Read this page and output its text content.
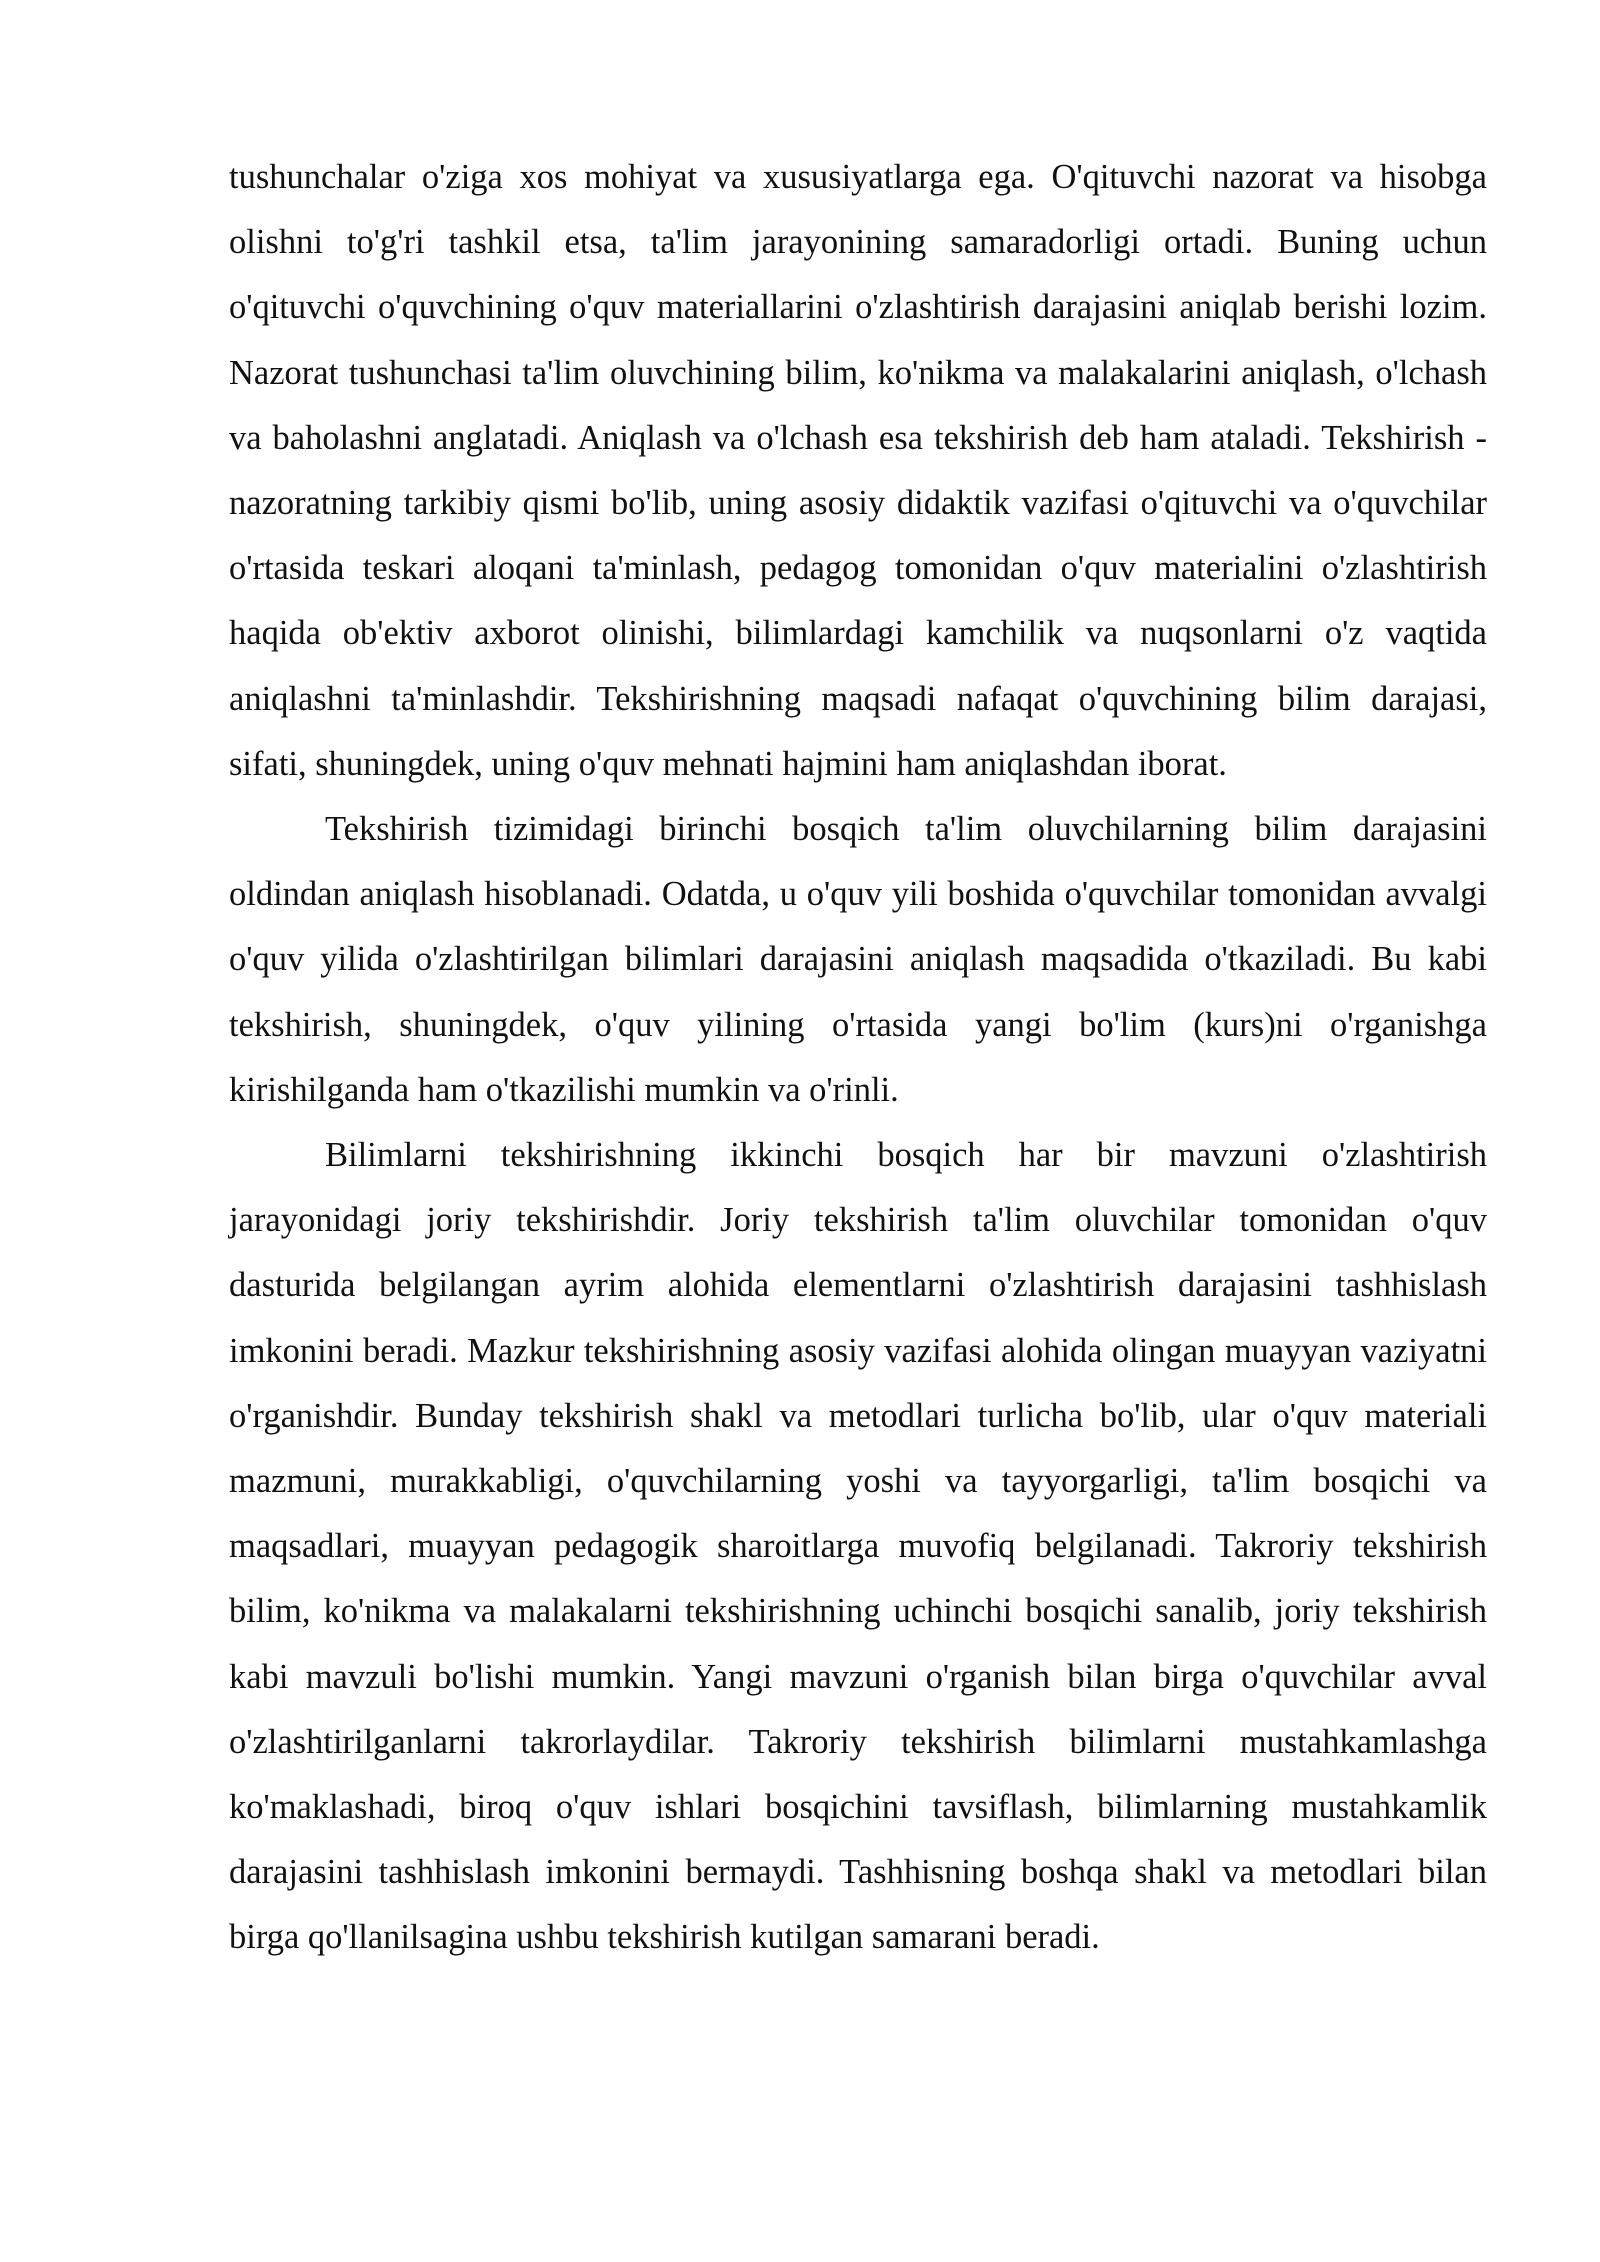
tushunchalar o'ziga xos mohiyat va xususiyatlarga ega. O'qituvchi nazorat va hisobga olishni to'g'ri tashkil etsa, ta'lim jarayonining samaradorligi ortadi. Buning uchun o'qituvchi o'quvchining o'quv materiallarini o'zlashtirish darajasini aniqlab berishi lozim. Nazorat tushunchasi ta'lim oluvchining bilim, ko'nikma va malakalarini aniqlash, o'lchash va baholashni anglatadi. Aniqlash va o'lchash esa tekshirish deb ham ataladi. Tekshirish - nazoratning tarkibiy qismi bo'lib, uning asosiy didaktik vazifasi o'qituvchi va o'quvchilar o'rtasida teskari aloqani ta'minlash, pedagog tomonidan o'quv materialini o'zlashtirish haqida ob'ektiv axborot olinishi, bilimlardagi kamchilik va nuqsonlarni o'z vaqtida aniqlashni ta'minlashdir. Tekshirishning maqsadi nafaqat o'quvchining bilim darajasi, sifati, shuningdek, uning o'quv mehnati hajmini ham aniqlashdan iborat.

Tekshirish tizimidagi birinchi bosqich ta'lim oluvchilarning bilim darajasini oldindan aniqlash hisoblanadi. Odatda, u o'quv yili boshida o'quvchilar tomonidan avvalgi o'quv yilida o'zlashtirilgan bilimlari darajasini aniqlash maqsadida o'tkaziladi. Bu kabi tekshirish, shuningdek, o'quv yilining o'rtasida yangi bo'lim (kurs)ni o'rganishga kirishilganda ham o'tkazilishi mumkin va o'rinli.

Bilimlarni tekshirishning ikkinchi bosqich har bir mavzuni o'zlashtirish jarayonidagi joriy tekshirishdir. Joriy tekshirish ta'lim oluvchilar tomonidan o'quv dasturida belgilangan ayrim alohida elementlarni o'zlashtirish darajasini tashhislash imkonini beradi. Mazkur tekshirishning asosiy vazifasi alohida olingan muayyan vaziyatni o'rganishdir. Bunday tekshirish shakl va metodlari turlicha bo'lib, ular o'quv materiali mazmuni, murakkabligi, o'quvchilarning yoshi va tayyorgarligi, ta'lim bosqichi va maqsadlari, muayyan pedagogik sharoitlarga muvofiq belgilanadi. Takroriy tekshirish bilim, ko'nikma va malakalarni tekshirishning uchinchi bosqichi sanalib, joriy tekshirish kabi mavzuli bo'lishi mumkin. Yangi mavzuni o'rganish bilan birga o'quvchilar avval o'zlashtirilganlarni takrorlaydilar. Takroriy tekshirish bilimlarni mustahkamlashga ko'maklashadi, biroq o'quv ishlari bosqichini tavsiflash, bilimlarning mustahkamlik darajasini tashhislash imkonini bermaydi. Tashhisning boshqa shakl va metodlari bilan birga qo'llanilsagina ushbu tekshirish kutilgan samarani beradi.
